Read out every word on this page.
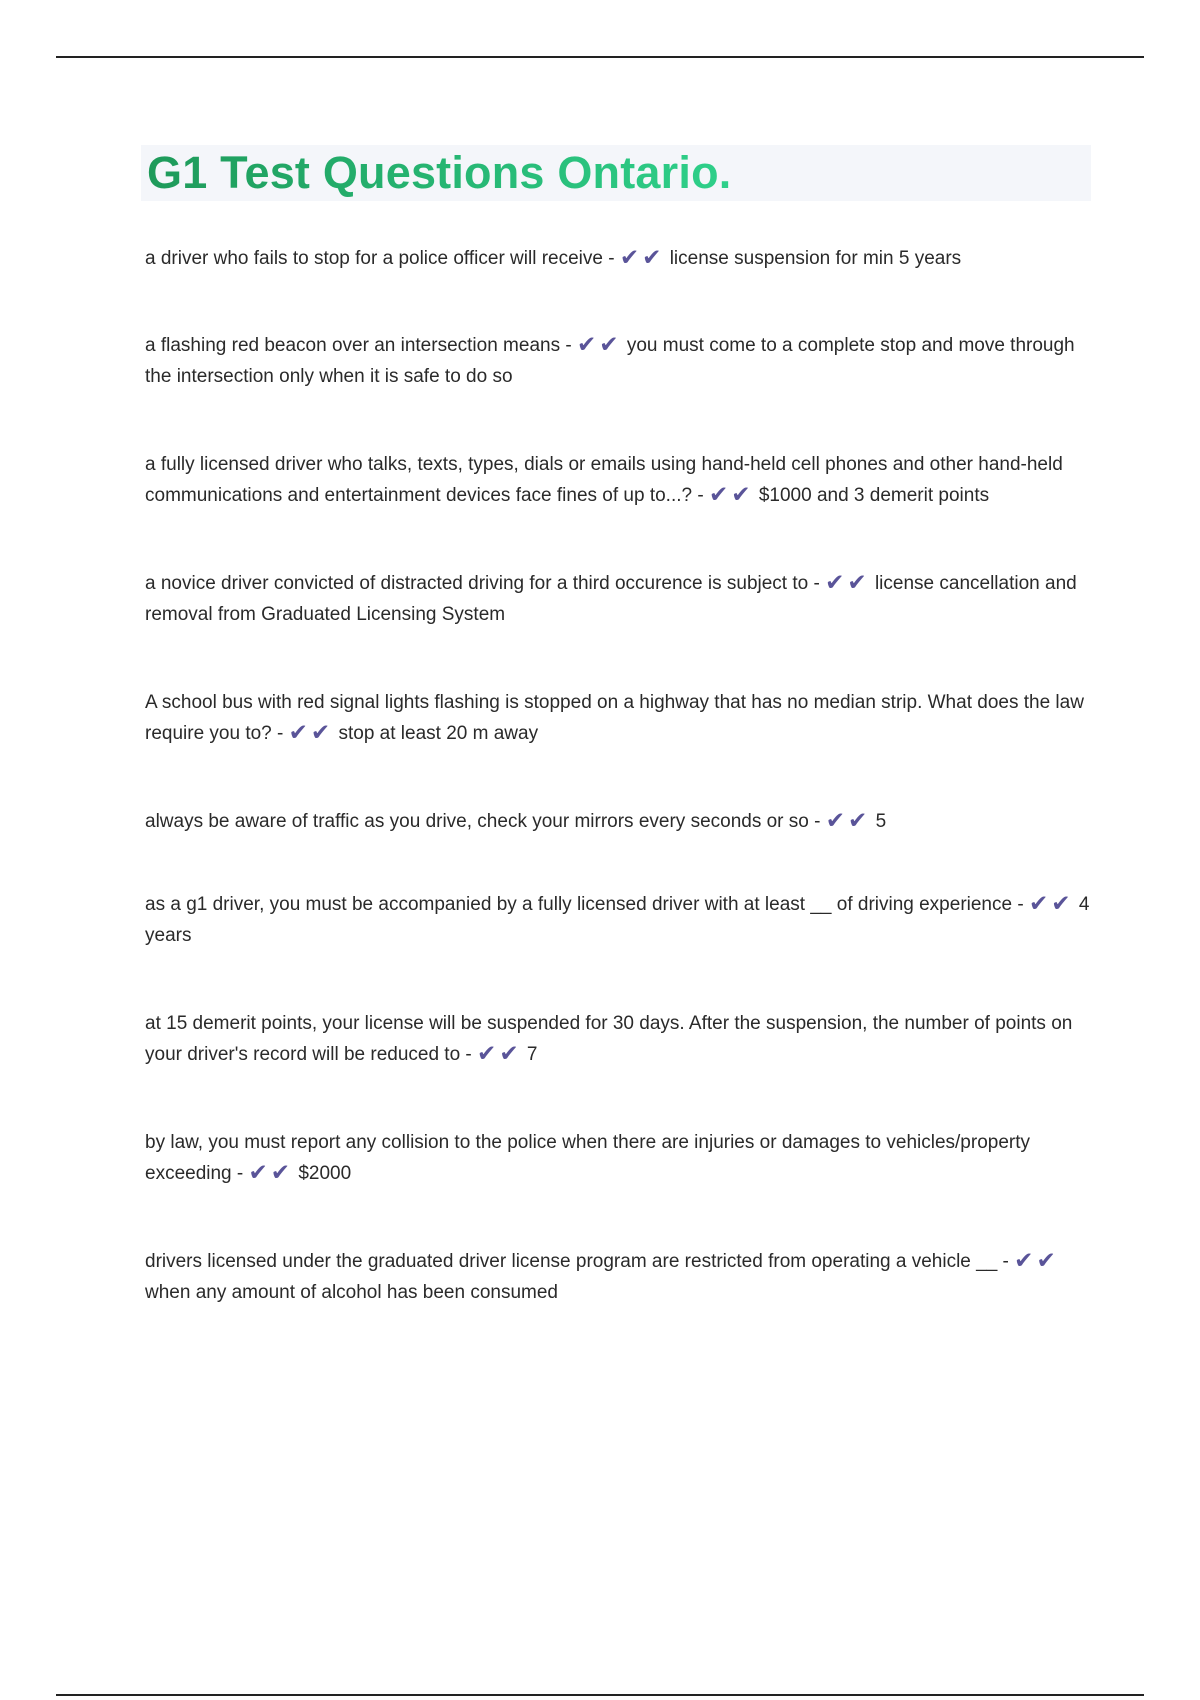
G1 Test Questions Ontario.

a driver who fails to stop for a police officer will receive - ✔ ✔ license suspension for min 5 years

a flashing red beacon over an intersection means - ✔ ✔ you must come to a complete stop and move through the intersection only when it is safe to do so

a fully licensed driver who talks, texts, types, dials or emails using hand-held cell phones and other hand-held communications and entertainment devices face fines of up to...? - ✔ ✔ $1000 and 3 demerit points

a novice driver convicted of distracted driving for a third occurence is subject to - ✔ ✔ license cancellation and removal from Graduated Licensing System

A school bus with red signal lights flashing is stopped on a highway that has no median strip. What does the law require you to? - ✔ ✔ stop at least 20 m away

always be aware of traffic as you drive, check your mirrors every seconds or so - ✔ ✔ 5

as a g1 driver, you must be accompanied by a fully licensed driver with at least __ of driving experience - ✔ ✔ 4 years

at 15 demerit points, your license will be suspended for 30 days. After the suspension, the number of points on your driver's record will be reduced to - ✔ ✔ 7

by law, you must report any collision to the police when there are injuries or damages to vehicles/property exceeding - ✔ ✔ $2000

drivers licensed under the graduated driver license program are restricted from operating a vehicle __ - ✔ ✔ when any amount of alcohol has been consumed
